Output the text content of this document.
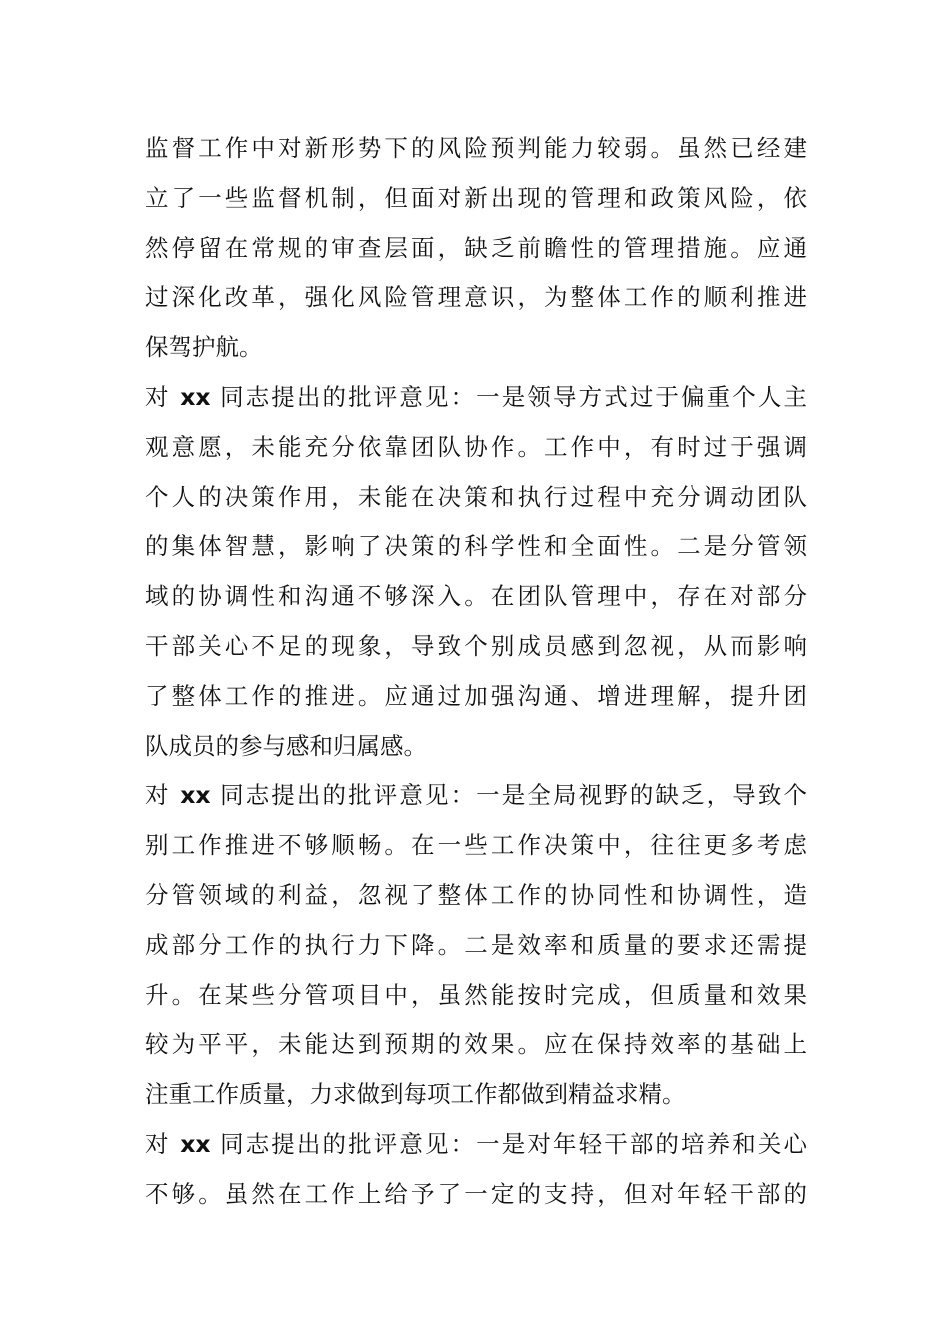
监督工作中对新形势下的风险预判能力较弱。虽然已经建
立了一些监督机制，但面对新出现的管理和政策风险，依
然停留在常规的审查层面，缺乏前瞻性的管理措施。应通
过深化改革，强化风险管理意识，为整体工作的顺利推进
保驾护航。
对 xx 同志提出的批评意见：一是领导方式过于偏重个人主
观意愿，未能充分依靠团队协作。工作中，有时过于强调
个人的决策作用，未能在决策和执行过程中充分调动团队
的集体智慧，影响了决策的科学性和全面性。二是分管领
域的协调性和沟通不够深入。在团队管理中，存在对部分
干部关心不足的现象，导致个别成员感到忽视，从而影响
了整体工作的推进。应通过加强沟通、增进理解，提升团
队成员的参与感和归属感。
对 xx 同志提出的批评意见：一是全局视野的缺乏，导致个
别工作推进不够顺畅。在一些工作决策中，往往更多考虑
分管领域的利益，忽视了整体工作的协同性和协调性，造
成部分工作的执行力下降。二是效率和质量的要求还需提
升。在某些分管项目中，虽然能按时完成，但质量和效果
较为平平，未能达到预期的效果。应在保持效率的基础上
注重工作质量，力求做到每项工作都做到精益求精。
对 xx 同志提出的批评意见：一是对年轻干部的培养和关心
不够。虽然在工作上给予了一定的支持，但对年轻干部的
